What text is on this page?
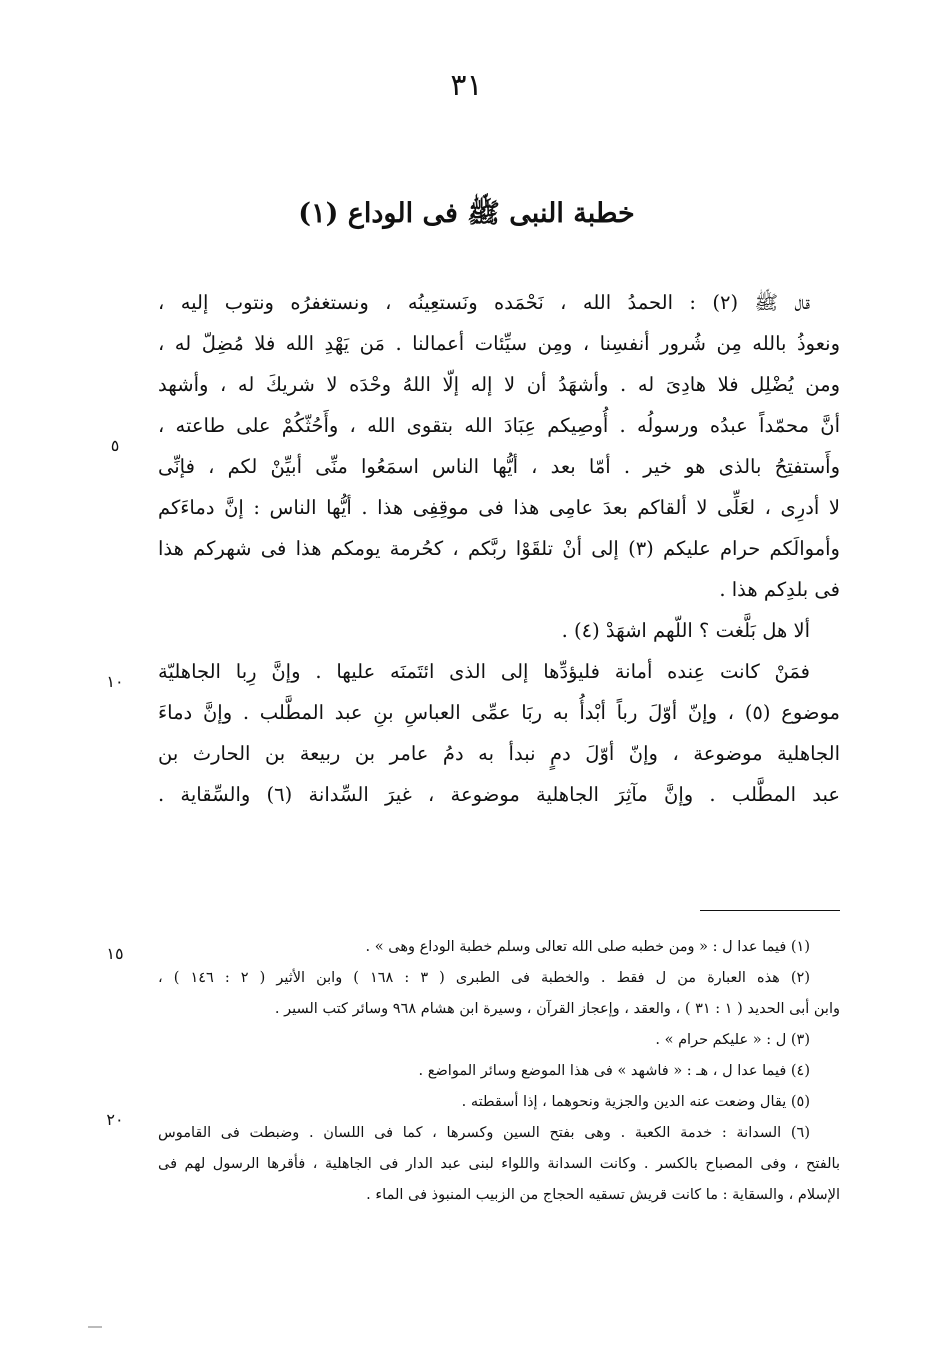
٣١
خطبة النبى ﷺ فى الوداع (١)
٥
١٠
١٥
٢٠
قال ﷺ (٢) : الحمدُ الله ، نَحْمَده ونَستعِينُه ، ونستغفرُه ونتوب إليه ،
ونعوذُ بالله مِن شُرور أنفسِنا ، ومِن سيِّئات أعمالنا . مَن يَهْدِ الله فلا مُضِلّ له ،
ومن يُضْلِل فلا هادِىَ له . وأشهَدُ أن لا إله إلّا اللهُ وحْدَه لا شريكَ له ، وأشهد
أنَّ محمّداً عبدُه ورسولُه . أُوصِيكم عِبَادَ الله بتقوى الله ، وأَحُثّكُمْ على طاعته ،
وأَستفتِحُ بالذى هو خير . أمّا بعد ، أيُّها الناس اسمَعُوا منِّى أبيِّنْ لكم ، فإنِّى
لا أدرِى ، لعَلِّى لا ألقاكم بعدَ عامِى هذا فى موقِفِى هذا . أيُّها الناس : إنَّ دماءَكم
وأموالَكم حرام عليكم (٣) إلى أنْ تلقَوْا ربَّكم ، كحُرمة يومكم هذا فى شهركم هذا
فى بلدِكم هذا .
ألا هل بَلَّغت ؟ اللّهم اشهَدْ (٤) .
فمَنْ كانت عِنده أمانة فليؤدِّها إلى الذى ائتَمنَه عليها . وإنَّ رِبا الجاهليّة
موضوع (٥) ، وإنّ أوّلَ رباً أبْدأُ به ربَا عمِّى العباسِ بنِ عبد المطَّلب . وإنَّ دماءَ
الجاهلية موضوعة ، وإنّ أوّلَ دمٍ نبدأ به دمُ عامر بن ربيعة بن الحارث بن
عبد المطَّلب . وإنَّ مآثِرَ الجاهلية موضوعة ، غيرَ السِّدانة (٦) والسِّقاية .
(١) فيما عدا ل : « ومن خطبه صلى الله تعالى وسلم خطبة الوداع وهى » .
(٢) هذه العبارة من ل فقط . والخطبة فى الطبرى ( ٣ : ١٦٨ ) وابن الأثير ( ٢ : ١٤٦ ) ،
وابن أبى الحديد ( ١ : ٣١ ) ، والعقد ، وإعجاز القرآن ، وسيرة ابن هشام ٩٦٨ وسائر كتب السير .
(٣) ل : « عليكم حرام » .
(٤) فيما عدا ل ، هـ : « فاشهد » فى هذا الموضع وسائر المواضع .
(٥) يقال وضعت عنه الدين والجزية ونحوهما ، إذا أسقطته .
(٦) السدانة : خدمة الكعبة . وهى بفتح السين وكسرها ، كما فى اللسان . وضبطت فى القاموس
بالفتح ، وفى المصباح بالكسر . وكانت السدانة واللواء لبنى عبد الدار فى الجاهلية ، فأقرها الرسول لهم فى
الإسلام ، والسقاية : ما كانت قريش تسقيه الحجاج من الزبيب المنبوذ فى الماء .
